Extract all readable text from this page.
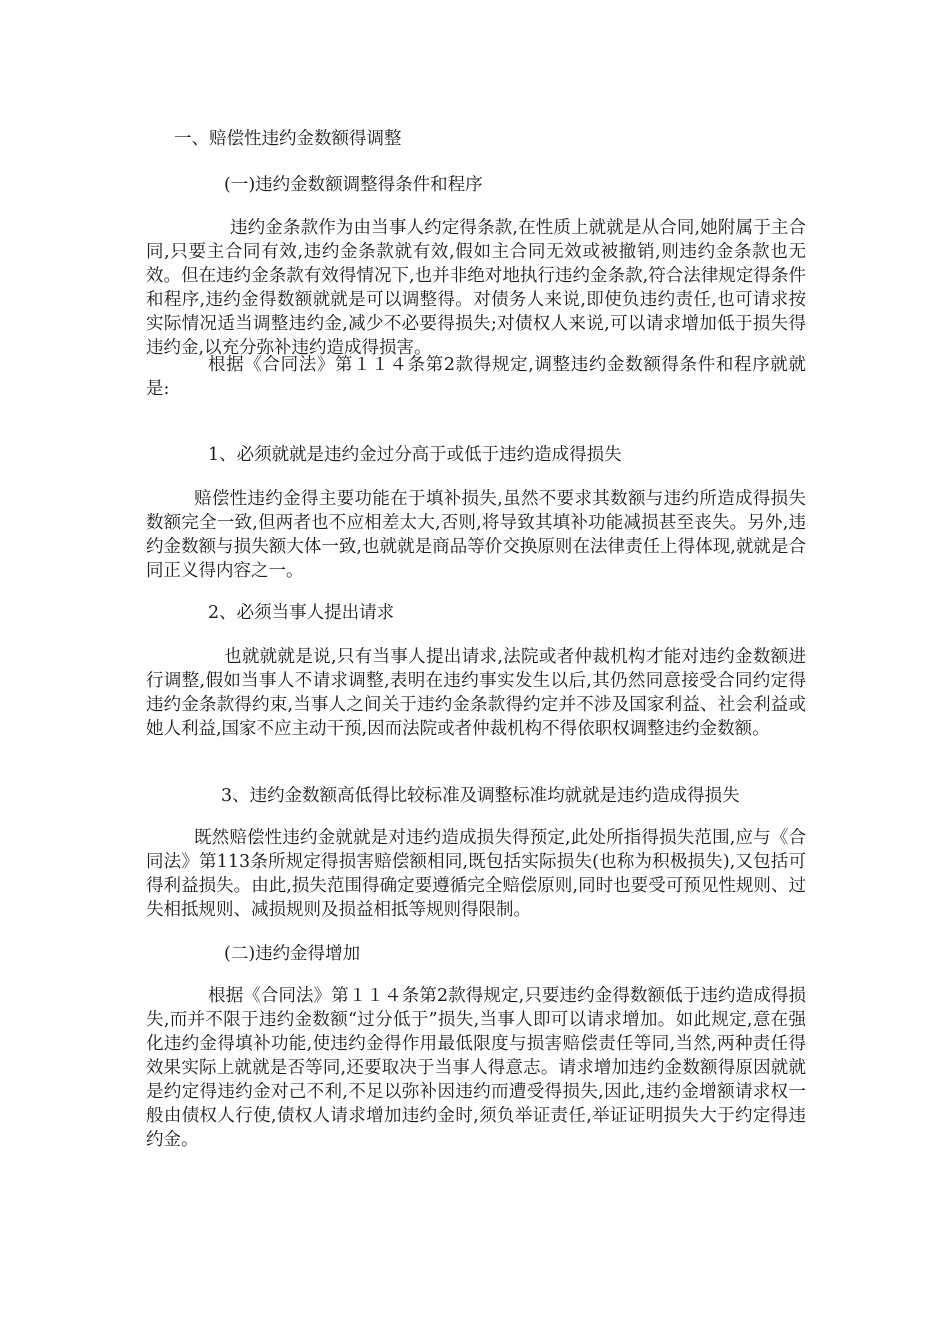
一、赔偿性违约金数额得调整

(一)违约金数额调整得条件和程序

违约金条款作为由当事人约定得条款,在性质上就就是从合同,她附属于主合同,只要主合同有效,违约金条款就有效,假如主合同无效或被撤销,则违约金条款也无效。但在违约金条款有效得情况下,也并非绝对地执行违约金条款,符合法律规定得条件和程序,违约金得数额就就是可以调整得。对债务人来说,即使负违约责任,也可请求按实际情况适当调整违约金,减少不必要得损失;对债权人来说,可以请求增加低于损失得违约金,以充分弥补违约造成得损害。

根据《合同法》第１１４条第2款得规定,调整违约金数额得条件和程序就就是:

1、必须就就是违约金过分高于或低于违约造成得损失

赔偿性违约金得主要功能在于填补损失,虽然不要求其数额与违约所造成得损失数额完全一致,但两者也不应相差太大,否则,将导致其填补功能减损甚至丧失。另外,违约金数额与损失额大体一致,也就就是商品等价交换原则在法律责任上得体现,就就是合同正义得内容之一。

2、必须当事人提出请求

也就就就是说,只有当事人提出请求,法院或者仲裁机构才能对违约金数额进行调整,假如当事人不请求调整,表明在违约事实发生以后,其仍然同意接受合同约定得违约金条款得约束,当事人之间关于违约金条款得约定并不涉及国家利益、社会利益或她人利益,国家不应主动干预,因而法院或者仲裁机构不得依职权调整违约金数额。

3、违约金数额高低得比较标准及调整标准均就就是违约造成得损失

既然赔偿性违约金就就是对违约造成损失得预定,此处所指得损失范围,应与《合同法》第113条所规定得损害赔偿额相同,既包括实际损失(也称为积极损失),又包括可得利益损失。由此,损失范围得确定要遵循完全赔偿原则,同时也要受可预见性规则、过失相抵规则、减损规则及损益相抵等规则得限制。

(二)违约金得增加

根据《合同法》第１１４条第2款得规定,只要违约金得数额低于违约造成得损失,而并不限于违约金数额“过分低于”损失,当事人即可以请求增加。如此规定,意在强化违约金得填补功能,使违约金得作用最低限度与损害赔偿责任等同,当然,两种责任得效果实际上就就是否等同,还要取决于当事人得意志。请求增加违约金数额得原因就就是约定得违约金对己不利,不足以弥补因违约而遭受得损失,因此,违约金增额请求权一般由债权人行使,债权人请求增加违约金时,须负举证责任,举证证明损失大于约定得违约金。
